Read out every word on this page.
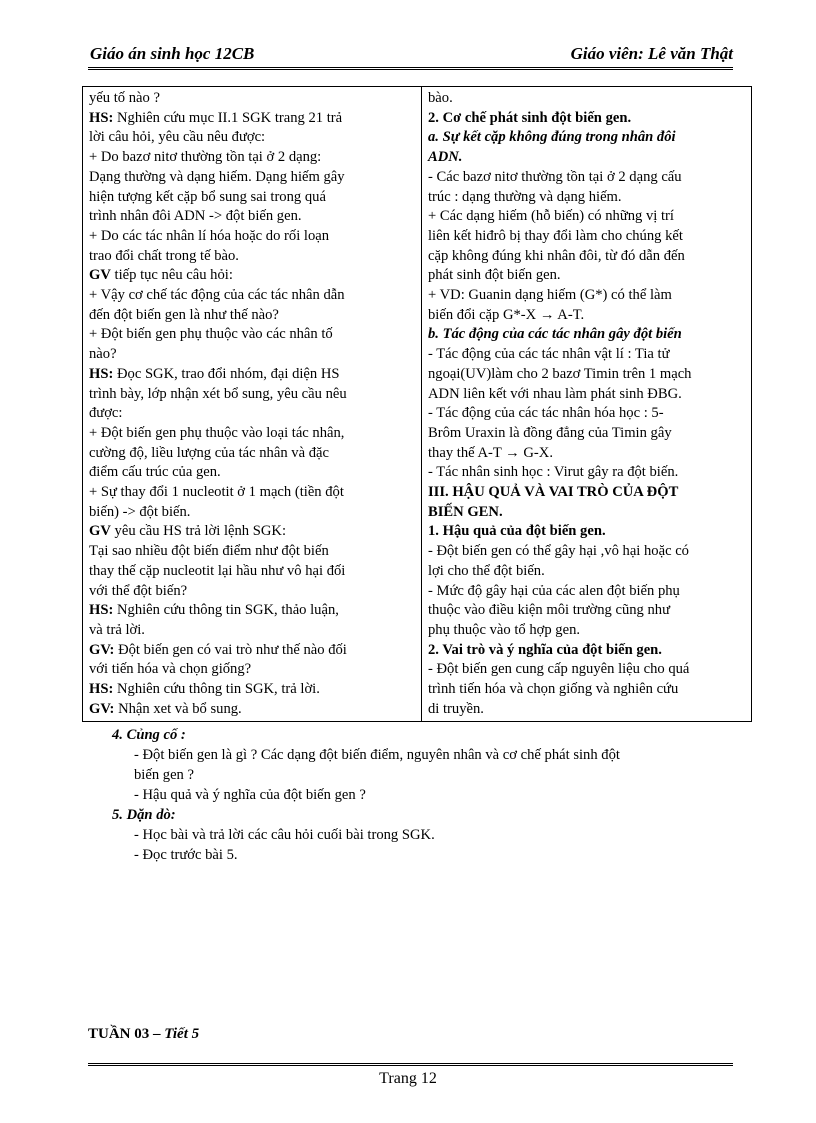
Giáo án sinh học 12CB	Giáo viên: Lê văn Thật
yếu tố nào ?
HS: Nghiên cứu mục II.1 SGK trang 21 trả
lời câu hỏi, yêu cầu nêu được:
+ Do bazơ nitơ thường tồn tại ở 2 dạng:
Dạng thường và dạng hiếm. Dạng hiếm gây
hiện tượng kết cặp bổ sung sai trong quá
trình nhân đôi ADN -> đột biến gen.
+ Do các tác nhân lí hóa hoặc do rối loạn
trao đổi chất trong tế bào.
GV tiếp tục nêu câu hỏi:
+ Vậy cơ chế tác động của các tác nhân dẫn
đến đột biến gen là như thế nào?
+ Đột biến gen phụ thuộc vào các nhân tố
nào?
HS: Đọc SGK, trao đổi nhóm, đại diện HS
trình bày, lớp nhận xét bổ sung, yêu cầu nêu
được:
+ Đột biến gen phụ thuộc vào loại tác nhân,
cường độ, liều lượng của tác nhân và đặc
điểm cấu trúc của gen.
+ Sự thay đổi 1 nucleotit ở 1 mạch (tiền đột
biến) -> đột biến.
GV yêu cầu HS trả lời lệnh SGK:
Tại sao nhiều đột biến điểm như đột biến
thay thế cặp nucleotit lại hầu như vô hại đối
với thể đột biến?
HS: Nghiên cứu thông tin SGK, thảo luận,
và trả lời.
GV: Đột biến gen có vai trò như thế nào đối
với tiến hóa và chọn giống?
HS: Nghiên cứu thông tin SGK, trả lời.
GV: Nhận xet và bổ sung.
bào.
2. Cơ chế phát sinh đột biến gen.
a. Sự kết cặp không đúng trong nhân đôi
ADN.
- Các bazơ nitơ thường tồn tại ở 2 dạng cấu
trúc : dạng thường và dạng hiếm.
+ Các dạng hiếm (hỗ biến) có những vị trí
liên kết hiđrô bị thay đổi làm cho chúng kết
cặp không đúng khi nhân đôi, từ đó dẫn đến
phát sinh đột biến gen.
+ VD: Guanin dạng hiếm (G*) có thể làm
biến đổi cặp G*-X → A-T.
b. Tác động của các tác nhân gây đột biến
- Tác động của các tác nhân vật lí : Tia tử
ngoại(UV)làm cho 2 bazơ Timin trên 1 mạch
ADN liên kết với nhau làm phát sinh ĐBG.
- Tác động của các tác nhân hóa học : 5-
Brôm Uraxin là đồng đẳng của Timin gây
thay thế A-T → G-X.
- Tác nhân sinh học : Virut gây ra đột biến.
III. HẬU QUẢ VÀ VAI TRÒ CỦA ĐỘT
BIẾN GEN.
1. Hậu quả của đột biến gen.
- Đột biến gen có thể gây hại ,vô hại hoặc có
lợi cho thể đột biến.
- Mức độ gây hại của các alen đột biến phụ
thuộc vào điều kiện môi trường cũng như
phụ thuộc vào tổ hợp gen.
2. Vai trò và ý nghĩa của đột biến gen.
- Đột biến gen cung cấp nguyên liệu cho quá
trình tiến hóa và chọn giống và nghiên cứu
di truyền.
4. Củng cố :
- Đột biến gen là gì ? Các dạng đột biến điểm, nguyên nhân và cơ chế phát sinh đột
biến gen ?
- Hậu quả và ý nghĩa của đột biến gen ?
5. Dặn dò:
- Học bài và trả lời các câu hỏi cuối bài trong SGK.
- Đọc trước bài 5.
TUẦN 03 – Tiết 5
Trang 12
